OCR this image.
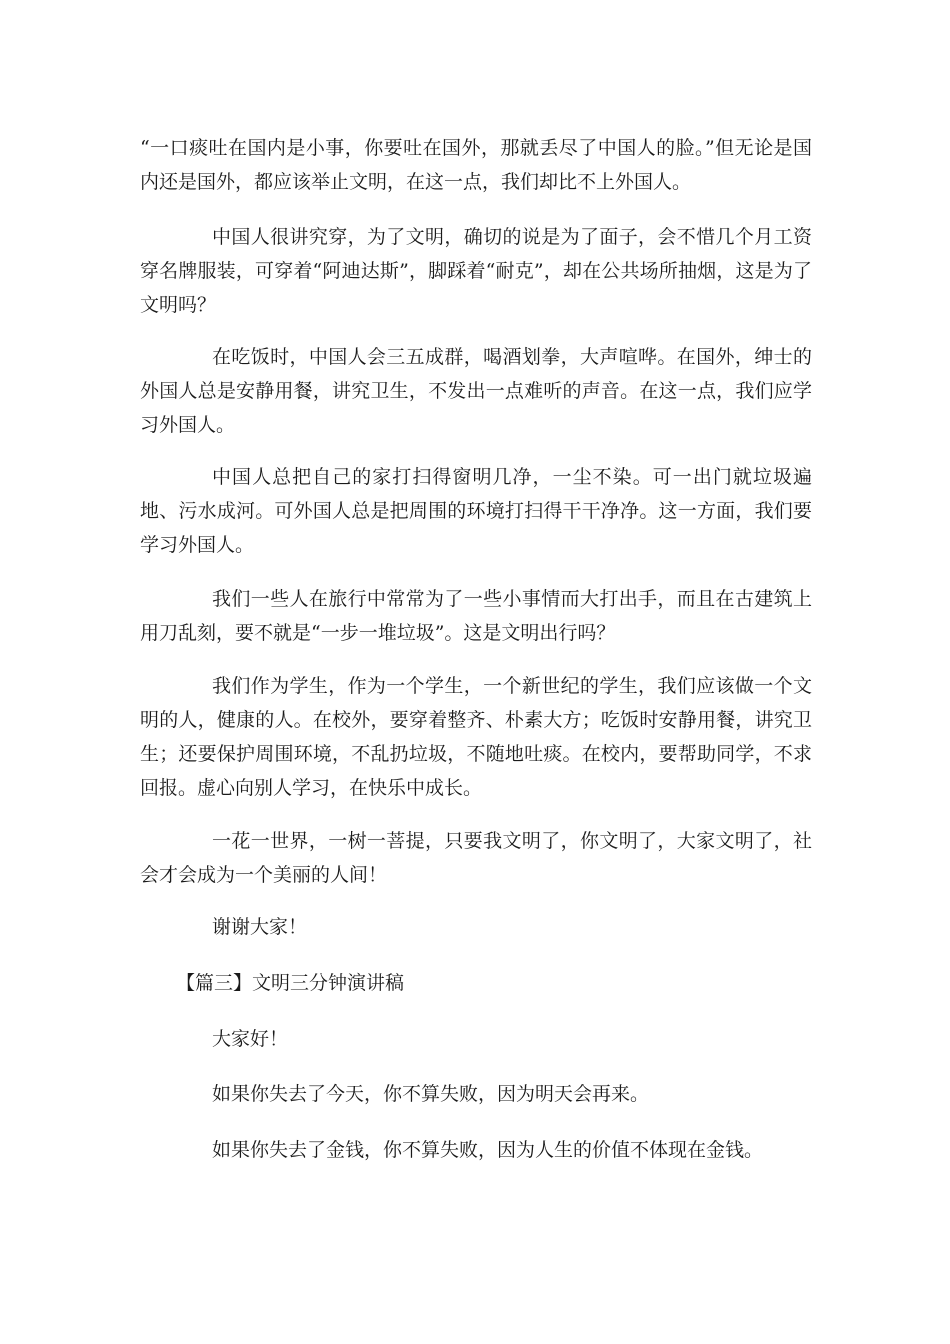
“一口痰吐在国内是小事，你要吐在国外，那就丢尽了中国人的脸。”但无论是国内还是国外，都应该举止文明，在这一点，我们却比不上外国人。

中国人很讲究穿，为了文明，确切的说是为了面子，会不惜几个月工资穿名牌服装，可穿着“阿迪达斯”，脚踩着“耐克”，却在公共场所抽烟，这是为了文明吗？

在吃饭时，中国人会三五成群，喝酒划拳，大声喧哗。在国外，绅士的外国人总是安静用餐，讲究卫生，不发出一点难听的声音。在这一点，我们应学习外国人。

中国人总把自己的家打扫得窗明几净，一尘不染。可一出门就垃圾遍地、污水成河。可外国人总是把周围的环境打扫得干干净净。这一方面，我们要学习外国人。

我们一些人在旅行中常常为了一些小事情而大打出手，而且在古建筑上用刀乱刻，要不就是“一步一堆垃圾”。这是文明出行吗？

我们作为学生，作为一个学生，一个新世纪的学生，我们应该做一个文明的人，健康的人。在校外，要穿着整齐、朴素大方；吃饭时安静用餐，讲究卫生；还要保护周围环境，不乱扔垃圾，不随地吐痰。在校内，要帮助同学，不求回报。虚心向别人学习，在快乐中成长。

一花一世界，一树一菩提，只要我文明了，你文明了，大家文明了，社会才会成为一个美丽的人间！

谢谢大家！

【篇三】文明三分钟演讲稿

大家好！

如果你失去了今天，你不算失败，因为明天会再来。

如果你失去了金钱，你不算失败，因为人生的价值不体现在金钱。
